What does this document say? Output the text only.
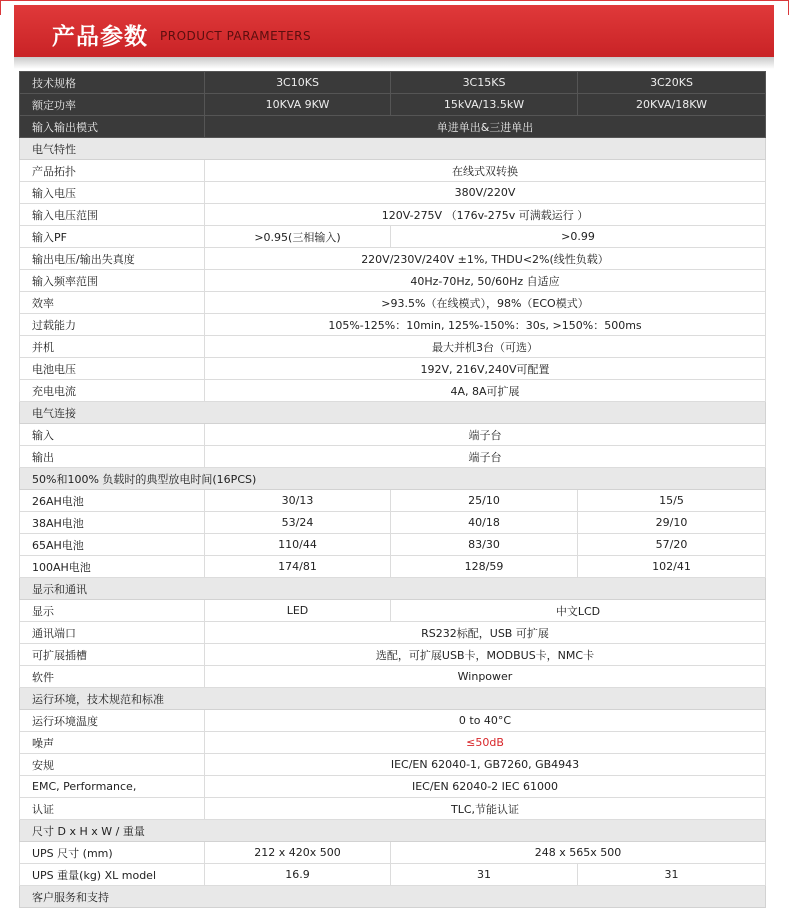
产品参数 PRODUCT PARAMETERS
技术规格	3C10KS	3C15KS	3C20KS
额定功率	10KVA 9KW	15kVA/13.5kW	20KVA/18KW
输入输出模式	单进单出&三进单出		
电气特性			
产品拓扑	在线式双转换		
输入电压	380V/220V		
输入电压范围	120V-275V （176v-275v 可满载运行 ）		
输入PF	>0.95(三相输入)	>0.99	
输出电压/输出失真度	220V/230V/240V ±1%, THDU<2%(线性负载）		
输入频率范围	40Hz-70Hz, 50/60Hz 自适应		
效率	>93.5%（在线模式），98%（ECO模式）		
过载能力	105%-125%：10min, 125%-150%：30s, >150%：500ms		
并机	最大并机3台（可选）		
电池电压	192V, 216V,240V可配置		
充电电流	4A, 8A可扩展		
电气连接			
输入	端子台		
输出	端子台		
50%和100% 负载时的典型放电时间(16PCS)			
26AH电池	30/13	25/10	15/5
38AH电池	53/24	40/18	29/10
65AH电池	110/44	83/30	57/20
100AH电池	174/81	128/59	102/41
显示和通讯			
显示	LED	中文LCD	
通讯端口	RS232标配，USB 可扩展		
可扩展插槽	选配，可扩展USB卡，MODBUS卡，NMC卡		
软件	Winpower		
运行环境，技术规范和标准			
运行环境温度	0 to 40°C		
噪声	≤50dB		
安规	IEC/EN 62040-1, GB7260, GB4943		
EMC, Performance,	IEC/EN 62040-2 IEC 61000		
认证	TLC,节能认证		
尺寸 D x H x W / 重量			
UPS 尺寸 (mm)	212 x 420x 500	248 x 565x 500	
UPS 重量(kg) XL model	16.9	31	31
客户服务和支持			
